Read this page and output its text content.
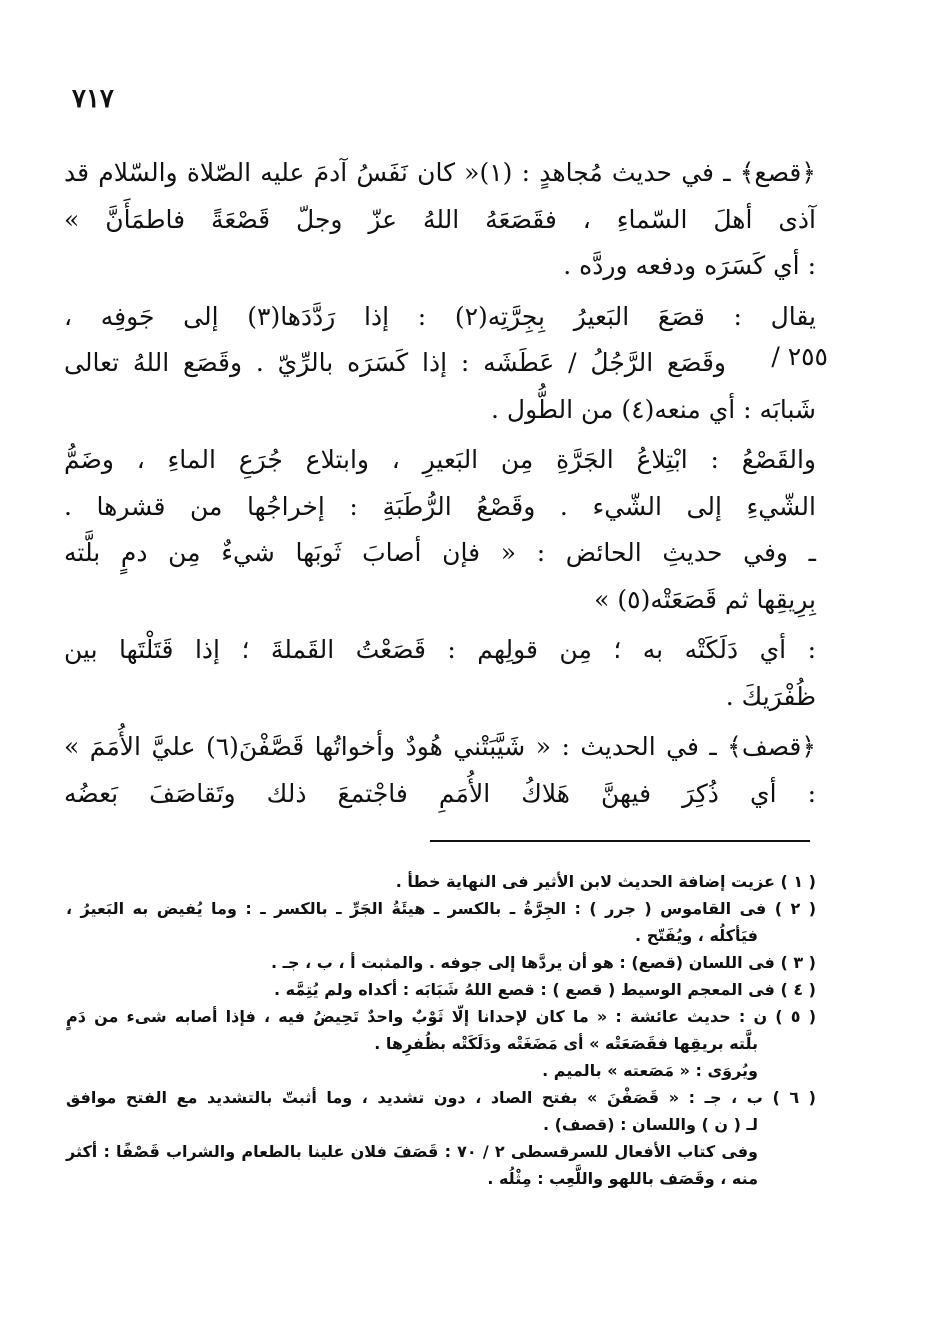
٧١٧
٢٥٥ /
﴿قصع﴾ ـ في حديث مُجاهدٍ : (١)« كان نَفَسُ آدمَ عليه الصّلاة والسّلام قد
آذى أهلَ السّماءِ ، فقَصَعَهُ اللهُ عزّ وجلّ قَصْعَةً فاطمَأَنَّ »
: أي كَسَرَه ودفعه وردَّه .
يقال : قصَعَ البَعيرُ بِجِرَّتِه(٢) : إذا رَدَّدَها(٣) إلى جَوفِه ،
وقَصَع الرَّجُلُ / عَطَشَه : إذا كَسَرَه بالرِّيّ . وقَصَع اللهُ تعالى
شَبابَه : أي منعه(٤) من الطُّول .
والقَصْعُ : ابْتِلاعُ الجَرَّةِ مِن البَعيرِ ، وابتلاع جُرَعِ الماءِ ، وضَمُّ
الشّيءِ إلى الشّيء . وقَصْعُ الرُّطَبَةِ : إخراجُها من قشرها .
ـ وفي حديثِ الحائض : « فإن أصابَ ثَوبَها شيءٌ مِن دمٍ بلَّته
بِرِيقِها ثم قَصَعَتْه(٥) »
: أي دَلَكَتْه به ؛ مِن قولِهم : قَصَعْتُ القَملةَ ؛ إذا قَتَلْتَها بين
ظُفْرَيكَ .
﴿قصف﴾ ـ في الحديث : « شَيَّبَتْني هُودٌ وأخواتُها قَصَّفْنَ(٦) عليَّ الأُمَمَ »
: أي ذُكِرَ فيهنَّ هَلاكُ الأُمَمِ فاجْتمعَ ذلك وتَقاصَفَ بَعضُه
( ١ ) عزيت إضافة الحديث لابن الأثير فى النهاية خطأ .
( ٢ ) فى القاموس ( جرر ) : الجِرَّةُ ـ بالكسر ـ هيئَةُ الجَرِّ ـ بالكسر ـ : وما يُفيض به البَعيرُ ،
فيَأكلُه ، ويُفَتّح .
( ٣ ) فى اللسان (قصع) : هو أن يردَّها إلى جوفه . والمثبت أ ، ب ، جـ .
( ٤ ) فى المعجم الوسيط ( قصع ) : قصع اللهُ شَبَابَه : أكداه ولم يُتِمَّه .
( ٥ ) ن : حديث عائشة : « ما كان لإحدانا إلّا ثَوْبٌ واحدٌ تَحِيضُ فيه ، فإذا أصابه شىء من دَمٍ
بلَّته بريقِها فقَصَعَتْه » أى مَضَغَتْه ودَلَكَتْه بظُفرِها .
ويُروَى : « مَصَعته » بالميم .
( ٦ ) ب ، جـ : « قَصَفْنَ » بفتح الصاد ، دون تشديد ، وما أثبتّ بالتشديد مع الفتح موافق
لـ ( ن ) واللسان : (قصف) .
وفى كتاب الأفعال للسرقسطى ٢ / ٧٠ : قَصَفَ فلان علينا بالطعام والشراب قَصْفًا : أكثر
منه ، وقَصَف باللهو واللَّعِب : مِثْلُه .
